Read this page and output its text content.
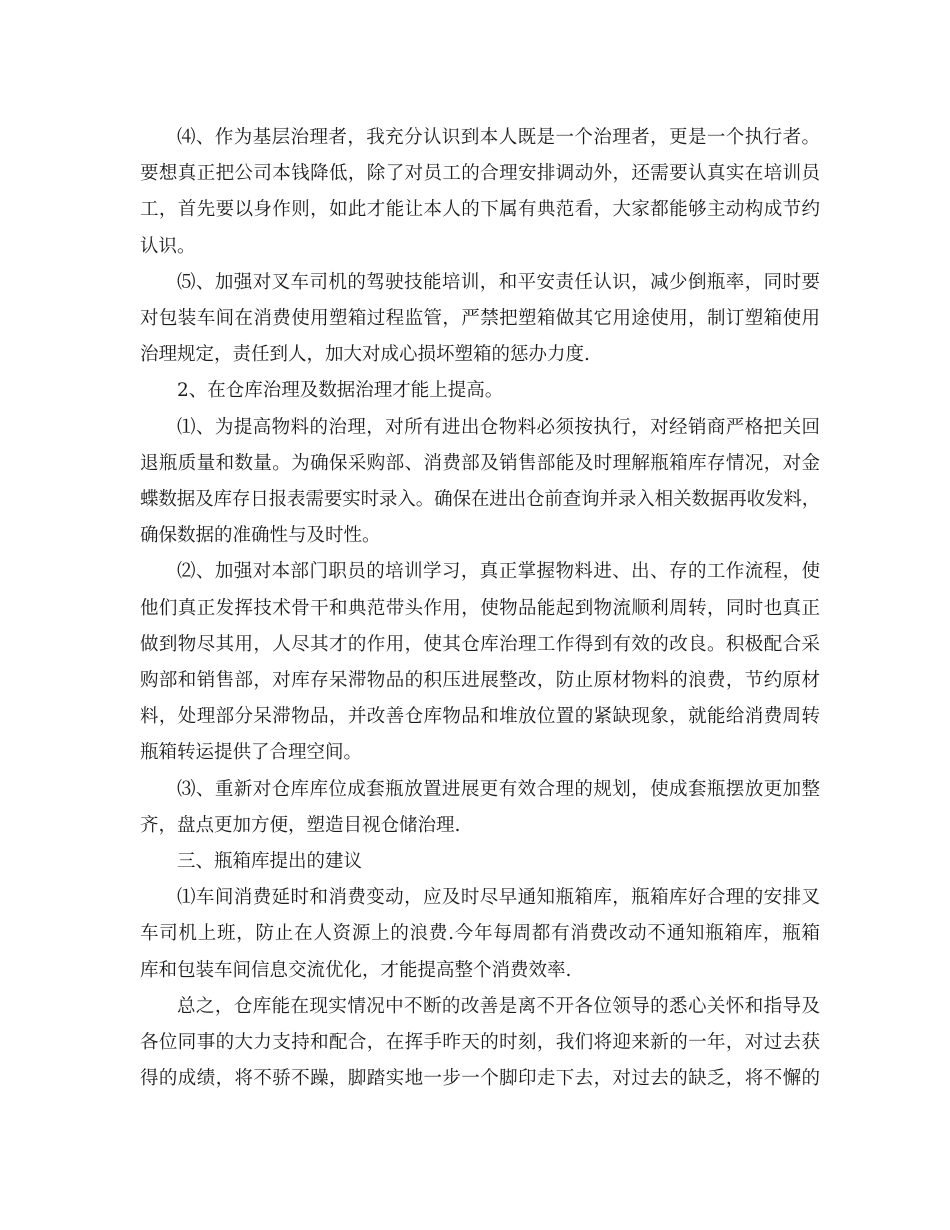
⑷、作为基层治理者，我充分认识到本人既是一个治理者，更是一个执行者。
要想真正把公司本钱降低，除了对员工的合理安排调动外，还需要认真实在培训员
工，首先要以身作则，如此才能让本人的下属有典范看，大家都能够主动构成节约
认识。

⑸、加强对叉车司机的驾驶技能培训，和平安责任认识，减少倒瓶率，同时要
对包装车间在消费使用塑箱过程监管，严禁把塑箱做其它用途使用，制订塑箱使用
治理规定，责任到人，加大对成心损坏塑箱的惩办力度.

2、在仓库治理及数据治理才能上提高。

⑴、为提高物料的治理，对所有进出仓物料必须按执行，对经销商严格把关回
退瓶质量和数量。为确保采购部、消费部及销售部能及时理解瓶箱库存情况，对金
蝶数据及库存日报表需要实时录入。确保在进出仓前查询并录入相关数据再收发料，
确保数据的准确性与及时性。

⑵、加强对本部门职员的培训学习，真正掌握物料进、出、存的工作流程，使
他们真正发挥技术骨干和典范带头作用，使物品能起到物流顺利周转，同时也真正
做到物尽其用，人尽其才的作用，使其仓库治理工作得到有效的改良。积极配合采
购部和销售部，对库存呆滞物品的积压进展整改，防止原材物料的浪费，节约原材
料，处理部分呆滞物品，并改善仓库物品和堆放位置的紧缺现象，就能给消费周转
瓶箱转运提供了合理空间。

⑶、重新对仓库库位成套瓶放置进展更有效合理的规划，使成套瓶摆放更加整
齐，盘点更加方便，塑造目视仓储治理.

三、瓶箱库提出的建议

⑴车间消费延时和消费变动，应及时尽早通知瓶箱库，瓶箱库好合理的安排叉
车司机上班，防止在人资源上的浪费.今年每周都有消费改动不通知瓶箱库，瓶箱
库和包装车间信息交流优化，才能提高整个消费效率.

总之，仓库能在现实情况中不断的改善是离不开各位领导的悉心关怀和指导及
各位同事的大力支持和配合，在挥手昨天的时刻，我们将迎来新的一年，对过去获
得的成绩，将不骄不躁，脚踏实地一步一个脚印走下去，对过去的缺乏，将不懈的
